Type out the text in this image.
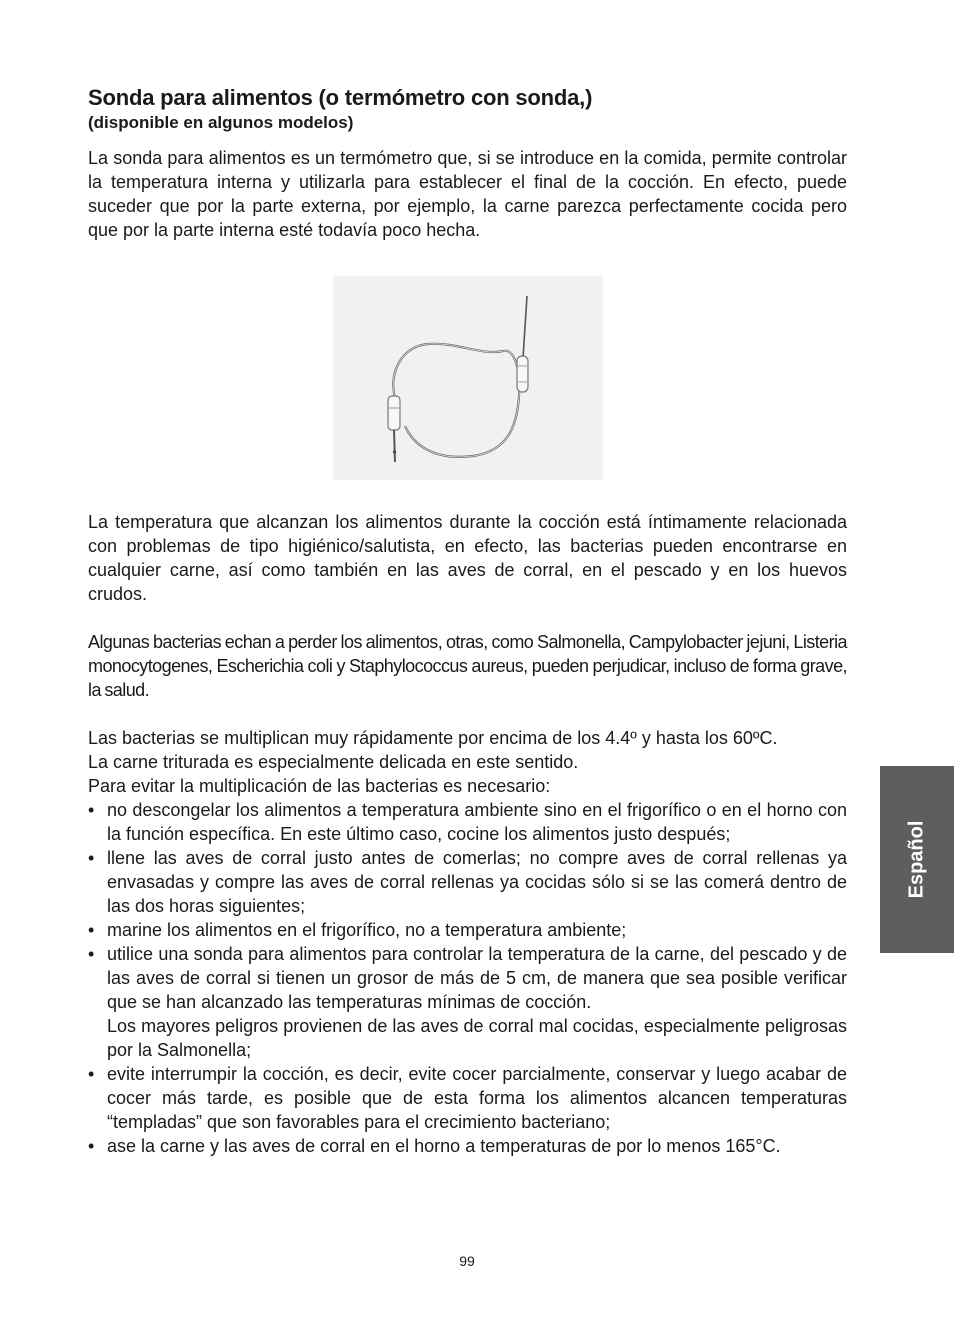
Sonda para alimentos (o termómetro con sonda,)
(disponible en algunos modelos)

La sonda para alimentos es un termómetro que, si se introduce en la comida, permite controlar la temperatura interna y utilizarla para establecer el final de la cocción. En efecto, puede suceder que por la parte externa, por ejemplo, la carne parezca perfectamente cocida pero que por la parte interna esté todavía poco hecha.

La temperatura que alcanzan los alimentos durante la cocción está íntimamente relacionada con problemas de tipo higiénico/salutista, en efecto, las bacterias pueden encontrarse en cualquier carne, así como también en las aves de corral, en el pescado y en los huevos crudos.

Algunas bacterias echan a perder los alimentos, otras, como Salmonella, Campylobacter jejuni, Listeria monocytogenes, Escherichia coli y Staphylococcus aureus, pueden perjudicar, incluso de forma grave, la salud.

Las bacterias se multiplican muy rápidamente por encima de los 4.4º y hasta los 60ºC.

La carne triturada es especialmente delicada en este sentido.

Para evitar la multiplicación de las bacterias es necesario:

• no descongelar los alimentos a temperatura ambiente sino en el frigorífico o en el horno con la función específica. En este último caso, cocine los alimentos justo después;
• llene las aves de corral justo antes de comerlas; no compre aves de corral rellenas ya envasadas y compre las aves de corral rellenas ya cocidas sólo si se las comerá dentro de las dos horas siguientes;
• marine los alimentos en el frigorífico, no a temperatura ambiente;
• utilice una sonda para alimentos para controlar la temperatura de la carne, del pescado y de las aves de corral si tienen un grosor de más de 5 cm, de manera que sea posible verificar que se han alcanzado las temperaturas mínimas de cocción.
Los mayores peligros provienen de las aves de corral mal cocidas, especialmente peligrosas por la Salmonella;
• evite interrumpir la cocción, es decir, evite cocer parcialmente, conservar y luego acabar de cocer más tarde, es posible que de esta forma los alimentos alcancen temperaturas “templadas” que son favorables para el crecimiento bacteriano;
• ase la carne y las aves de corral en el horno a temperaturas de por lo menos 165°C.
Español
99
